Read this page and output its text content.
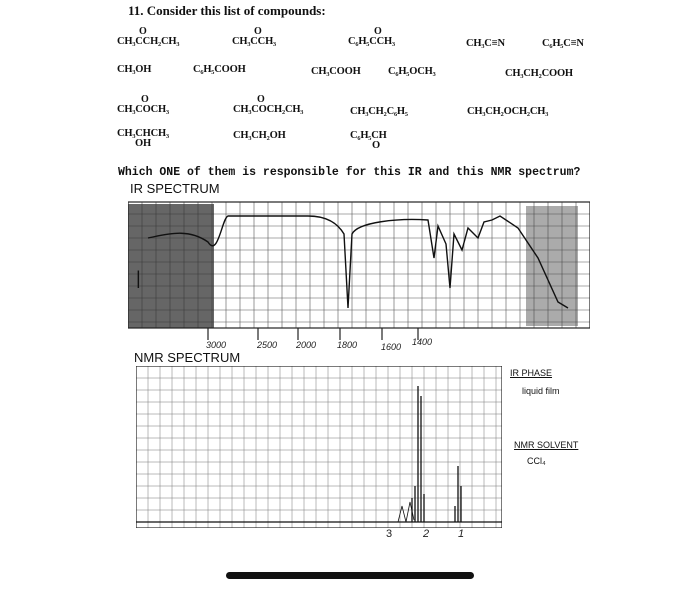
11. Consider this list of compounds:
O
CH₃CCH₂CH₃
O
CH₃CCH₃
O
C₆H₅CCH₃	CH₃C≡N	C₆H₅C≡N
CH₃OH	C₆H₅COOH	CH₃COOH	C₆H₅OCH₃	CH₃CH₂COOH
O
CH₃COCH₃
O
CH₃COCH₂CH₃	CH₃CH₂C₆H₅	CH₃CH₂OCH₂CH₃
CH₃CHCH₃
OH
CH₃CH₂OH	C₆H₅CH
O
Which ONE of them is responsible for this IR and this NMR spectrum?
IR SPECTRUM
|
3000	2500 2000 1800	1600 1400
NMR SPECTRUM
3	2	1
IR PHASE
liquid film
NMR SOLVENT
CCl₄
